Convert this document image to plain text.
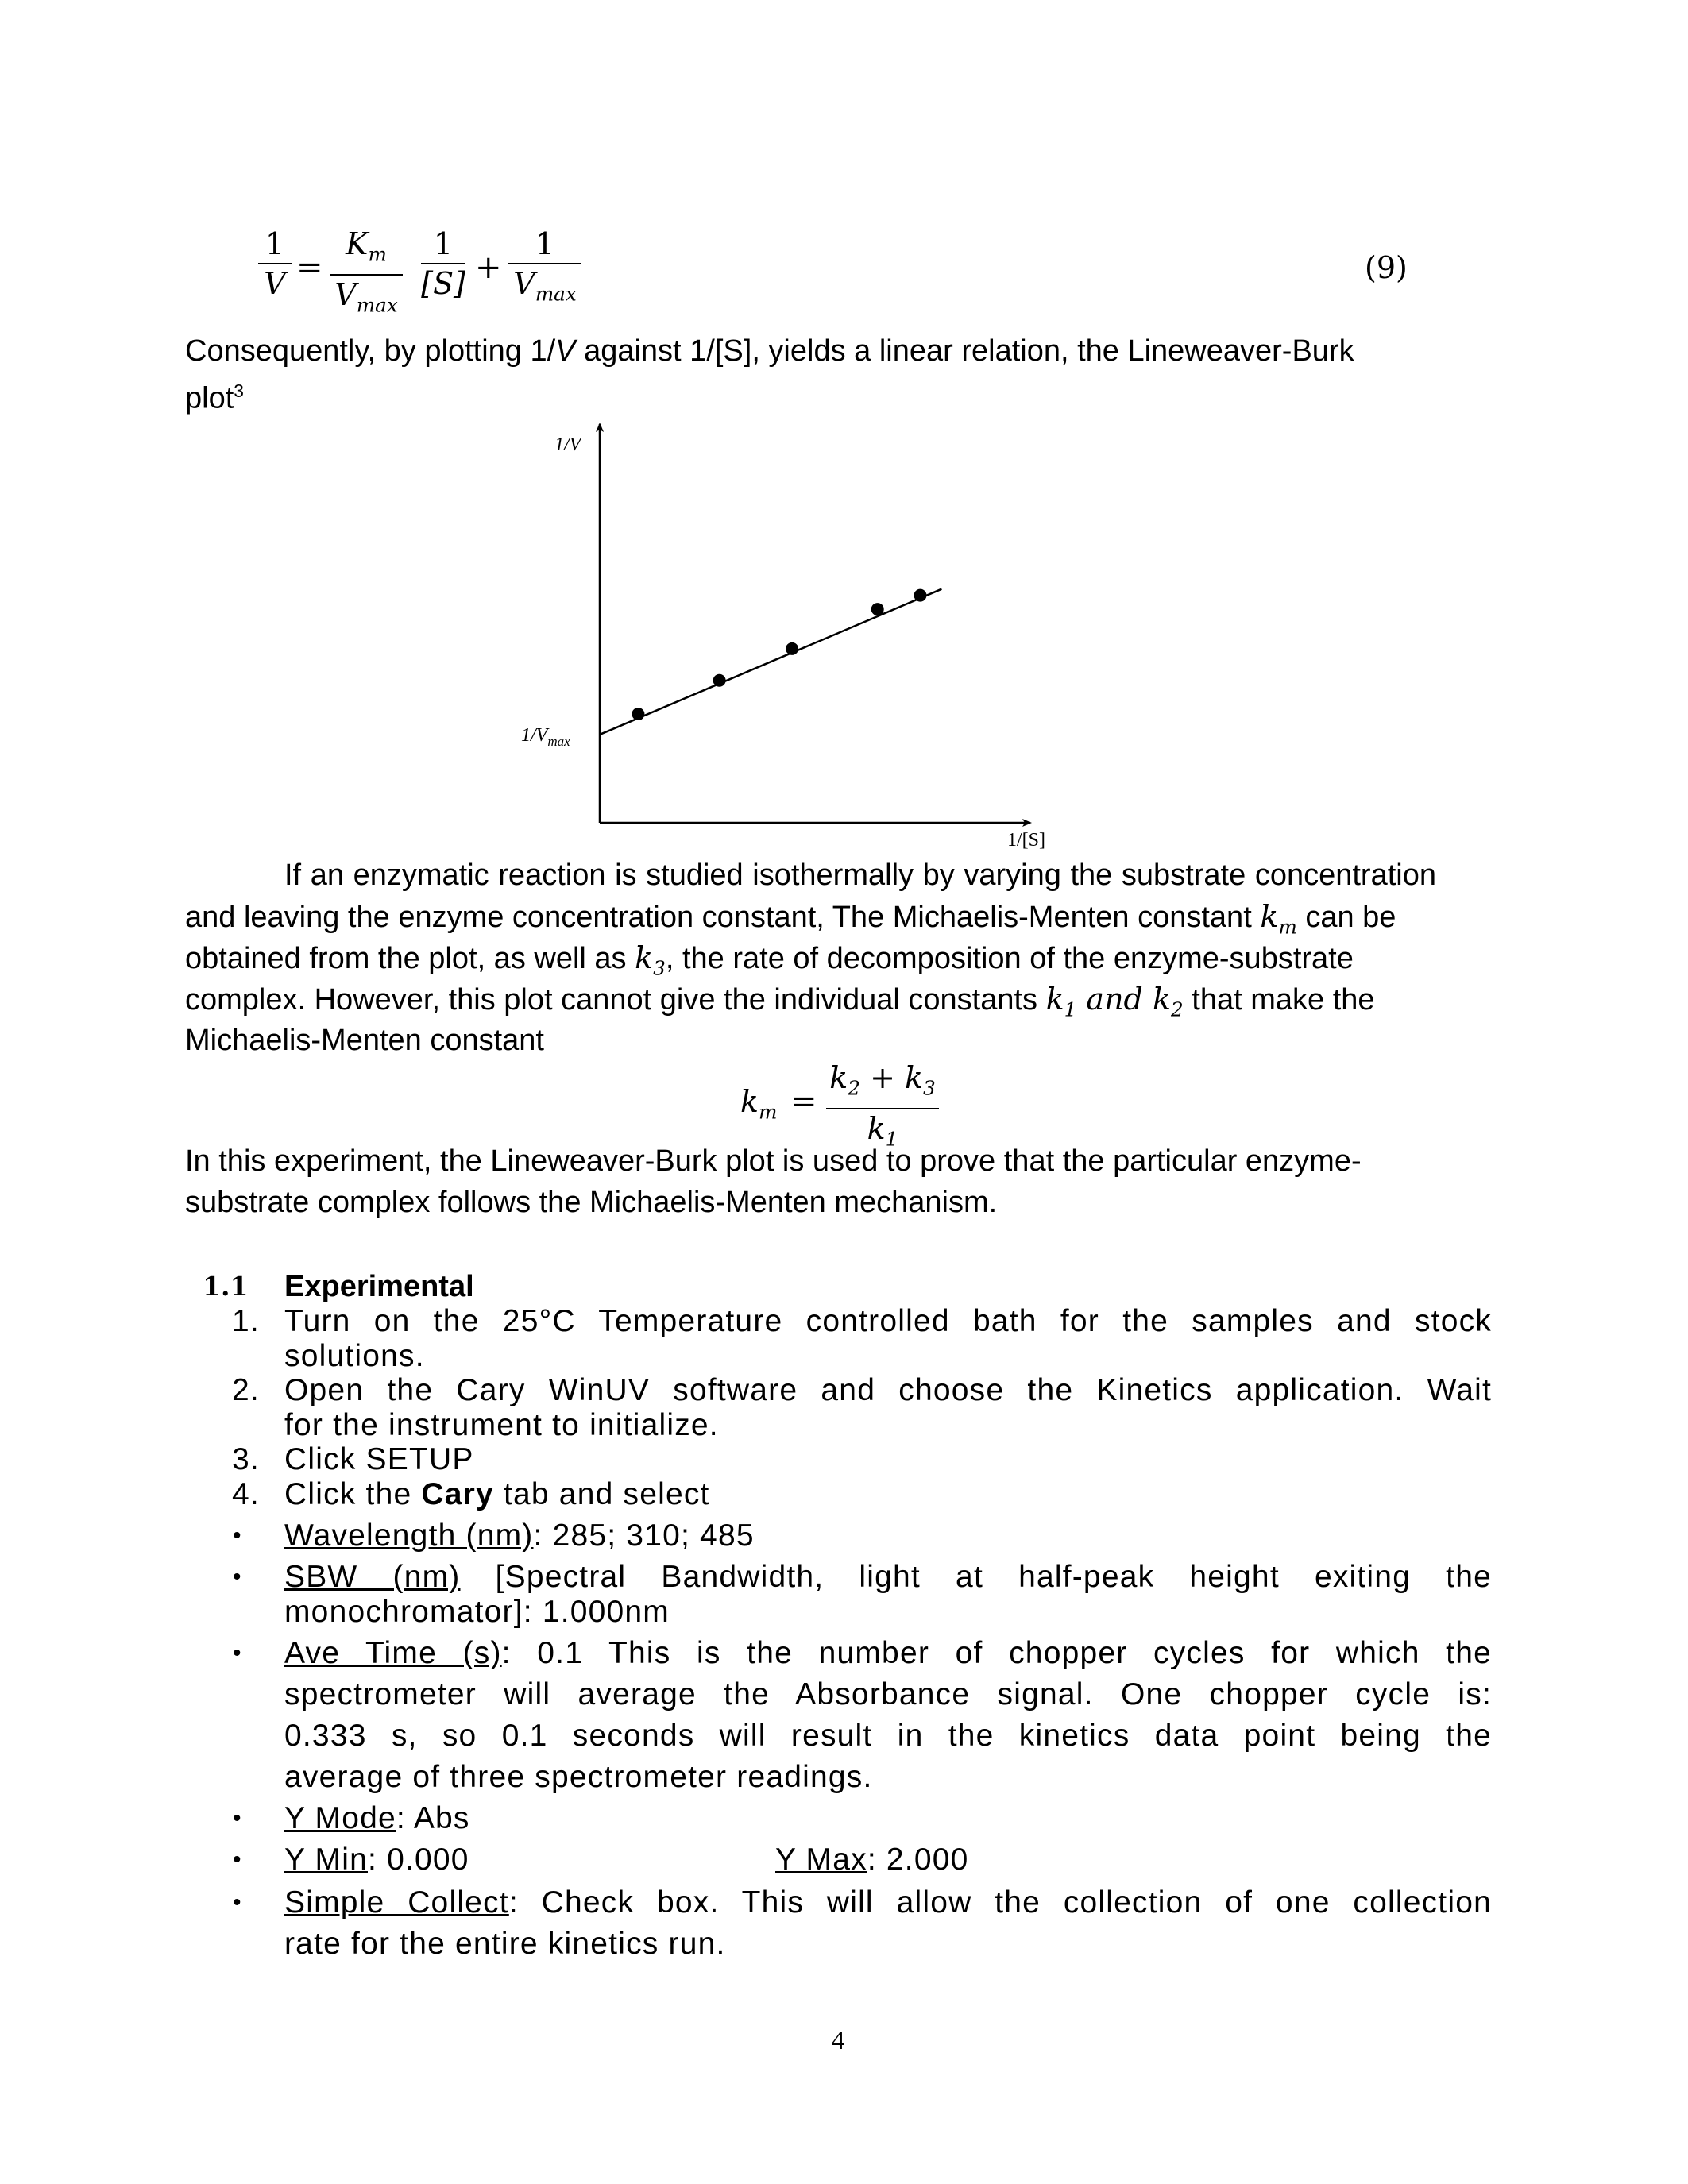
1
V =
$K_m$
$V_{max}$
1
[S] +
1
$V_{max}$
(9)
Consequently, by plotting 1/V against 1/[S], yields a linear relation, the Lineweaver-Burk
plot$^3$
1/V
$1/V_{max}$
1/[S]
If an enzymatic reaction is studied isothermally by varying the substrate concentration
and leaving the enzyme concentration constant, The Michaelis-Menten constant $k_m$ can be
obtained from the plot, as well as $k_3$, the rate of decomposition of the enzyme-substrate
complex. However, this plot cannot give the individual constants $k_1$ and $k_2$ that make the
Michaelis-Menten constant
$k_m$ =
$k_2 + k_3$
$k_1$
In this experiment, the Lineweaver-Burk plot is used to prove that the particular enzyme-
substrate complex follows the Michaelis-Menten mechanism.
1.1 Experimental
1. Turn on the 25°C Temperature controlled bath for the samples and stock
solutions.
2. Open the Cary WinUV software and choose the Kinetics application. Wait
for the instrument to initialize.
3. Click SETUP
4. Click the Cary tab and select
• Wavelength (nm): 285; 310; 485
• SBW (nm) [Spectral Bandwidth, light at half-peak height exiting the
monochromator]: 1.000nm
• Ave Time (s): 0.1 This is the number of chopper cycles for which the
spectrometer will average the Absorbance signal. One chopper cycle is:
0.333 s, so 0.1 seconds will result in the kinetics data point being the
average of three spectrometer readings.
• Y Mode: Abs
• Y Min: 0.000	Y Max: 2.000
• Simple Collect: Check box. This will allow the collection of one collection
rate for the entire kinetics run.
4
